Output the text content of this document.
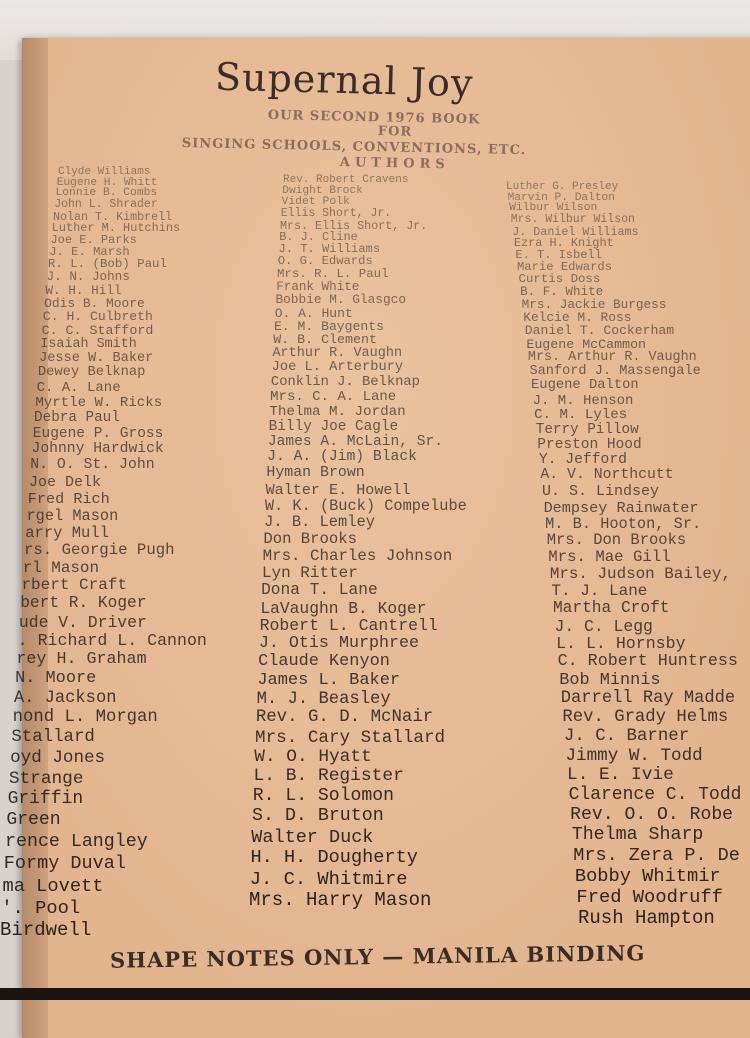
Supernal Joy
OUR SECOND 1976 BOOK
FOR
SINGING SCHOOLS, CONVENTIONS, ETC.
AUTHORS
Clyde Williams
Eugene H. Whitt
Lonnie B. Combs
John L. Shrader
Nolan T. Kimbrell
Luther M. Hutchins
Joe E. Parks
J. E. Marsh
R. L. (Bob) Paul
J. N. Johns
W. H. Hill
Odis B. Moore
C. H. Culbreth
C. C. Stafford
Isaiah Smith
Jesse W. Baker
Dewey Belknap
C. A. Lane
Myrtle W. Ricks
Debra Paul
Eugene P. Gross
Johnny Hardwick
N. O. St. John
Joe Delk
Fred Rich
rgel Mason
arry Mull
rs. Georgie Pugh
rl Mason
rbert Craft
bert R. Koger
ude V. Driver
. Richard L. Cannon
rey H. Graham
N. Moore
A. Jackson
nond L. Morgan
Stallard
oyd Jones
Strange
Griffin
Green
rence Langley
Formy Duval
ma Lovett
'. Pool
Birdwell
Rev. Robert Cravens
Dwight Brock
Videt Polk
Ellis Short, Jr.
Mrs. Ellis Short, Jr.
B. J. Cline
J. T. Williams
O. G. Edwards
Mrs. R. L. Paul
Frank White
Bobbie M. Glasgco
O. A. Hunt
E. M. Baygents
W. B. Clement
Arthur R. Vaughn
Joe L. Arterbury
Conklin J. Belknap
Mrs. C. A. Lane
Thelma M. Jordan
Billy Joe Cagle
James A. McLain, Sr.
J. A. (Jim) Black
Hyman Brown
Walter E. Howell
W. K. (Buck) Compelube
J. B. Lemley
Don Brooks
Mrs. Charles Johnson
Lyn Ritter
Dona T. Lane
LaVaughn B. Koger
Robert L. Cantrell
J. Otis Murphree
Claude Kenyon
James L. Baker
M. J. Beasley
Rev. G. D. McNair
Mrs. Cary Stallard
W. O. Hyatt
L. B. Register
R. L. Solomon
S. D. Bruton
Walter Duck
H. H. Dougherty
J. C. Whitmire
Mrs. Harry Mason
Luther G. Presley
Marvin P. Dalton
Wilbur Wilson
Mrs. Wilbur Wilson
J. Daniel Williams
Ezra H. Knight
E. T. Isbell
Marie Edwards
Curtis Doss
B. F. White
Mrs. Jackie Burgess
Kelcie M. Ross
Daniel T. Cockerham
Eugene McCammon
Mrs. Arthur R. Vaughn
Sanford J. Massengale
Eugene Dalton
J. M. Henson
C. M. Lyles
Terry Pillow
Preston Hood
Y. Jefford
A. V. Northcutt
U. S. Lindsey
Dempsey Rainwater
M. B. Hooton, Sr.
Mrs. Don Brooks
Mrs. Mae Gill
Mrs. Judson Bailey,
T. J. Lane
Martha Croft
J. C. Legg
L. L. Hornsby
C. Robert Huntress
Bob Minnis
Darrell Ray Madde
Rev. Grady Helms
J. C. Barner
Jimmy W. Todd
L. E. Ivie
Clarence C. Todd
Rev. O. O. Robe
Thelma Sharp
Mrs. Zera P. De
Bobby Whitmir
Fred Woodruff
Rush Hampton
SHAPE NOTES ONLY — MANILA BINDING
